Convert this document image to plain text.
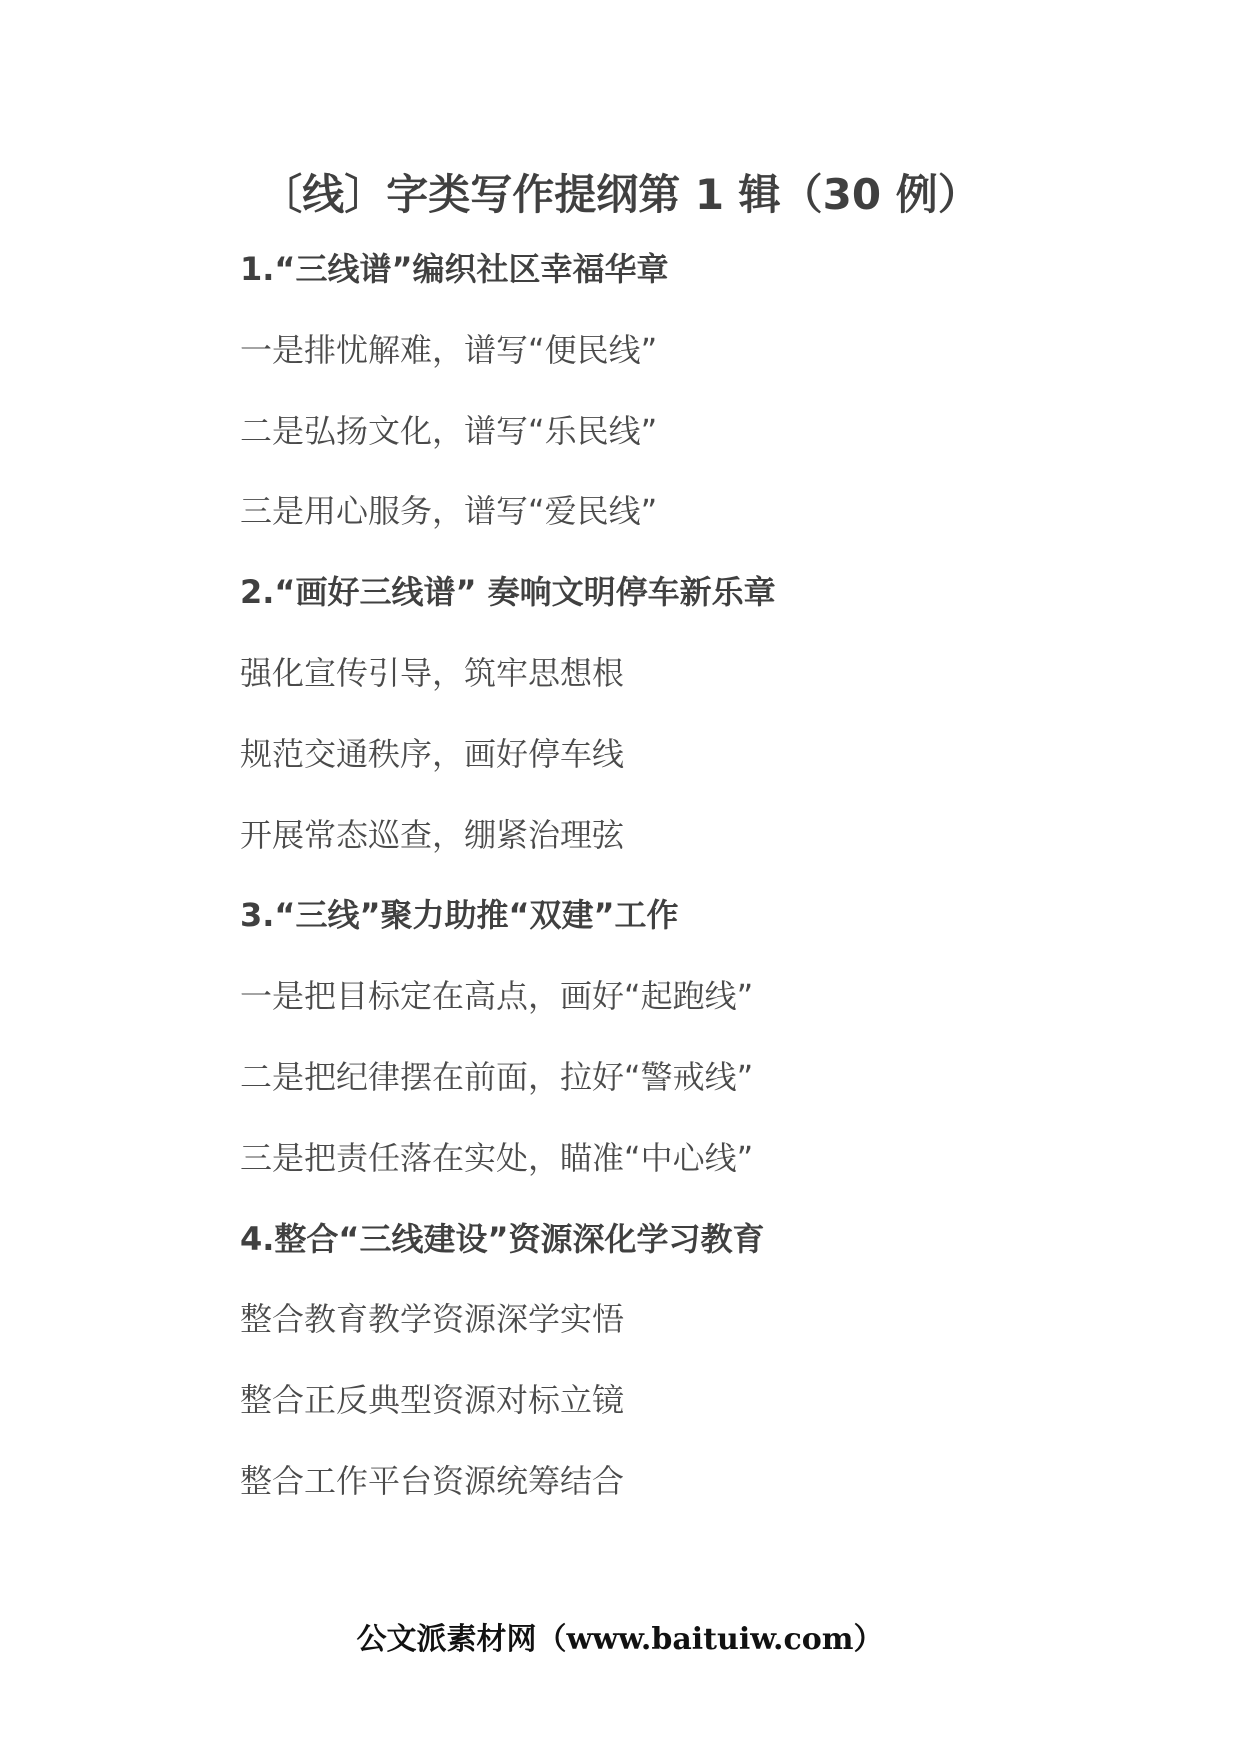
〔线〕字类写作提纲第 1 辑（30 例）
1.“三线谱”编织社区幸福华章
一是排忧解难，谱写“便民线”
二是弘扬文化，谱写“乐民线”
三是用心服务，谱写“爱民线”
2.“画好三线谱” 奏响文明停车新乐章
强化宣传引导，筑牢思想根
规范交通秩序，画好停车线
开展常态巡查，绷紧治理弦
3.“三线”聚力助推“双建”工作
一是把目标定在高点，画好“起跑线”
二是把纪律摆在前面，拉好“警戒线”
三是把责任落在实处，瞄准“中心线”
4.整合“三线建设”资源深化学习教育
整合教育教学资源深学实悟
整合正反典型资源对标立镜
整合工作平台资源统筹结合
公文派素材网（www.baituiw.com）
